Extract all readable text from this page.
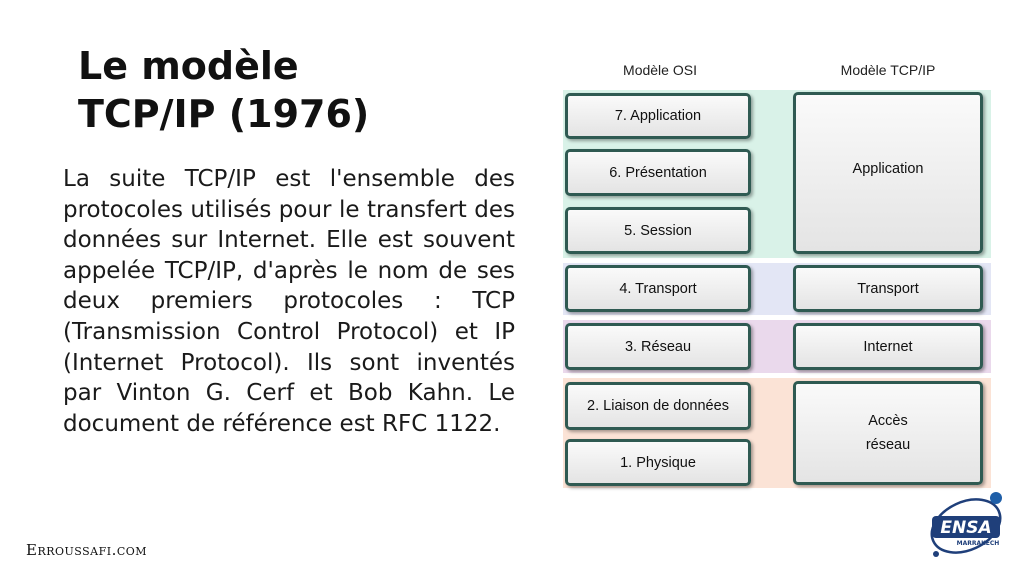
Le modèle
TCP/IP (1976)

La suite TCP/IP est l'ensemble des protocoles utilisés pour le transfert des données sur Internet. Elle est souvent appelée TCP/IP, d'après le nom de ses deux premiers protocoles : TCP (Transmission Control Protocol) et IP (Internet Protocol). Ils sont inventés par Vinton G. Cerf et Bob Kahn. Le document de référence est RFC 1122.

Erroussafi.com
ENSA
MARRAKECH
Modèle OSI	Modèle TCP/IP
7. Application
6. Présentation
5. Session
4. Transport
3. Réseau
2. Liaison de données
1. Physique
Application
Transport
Internet
Accès
réseau
